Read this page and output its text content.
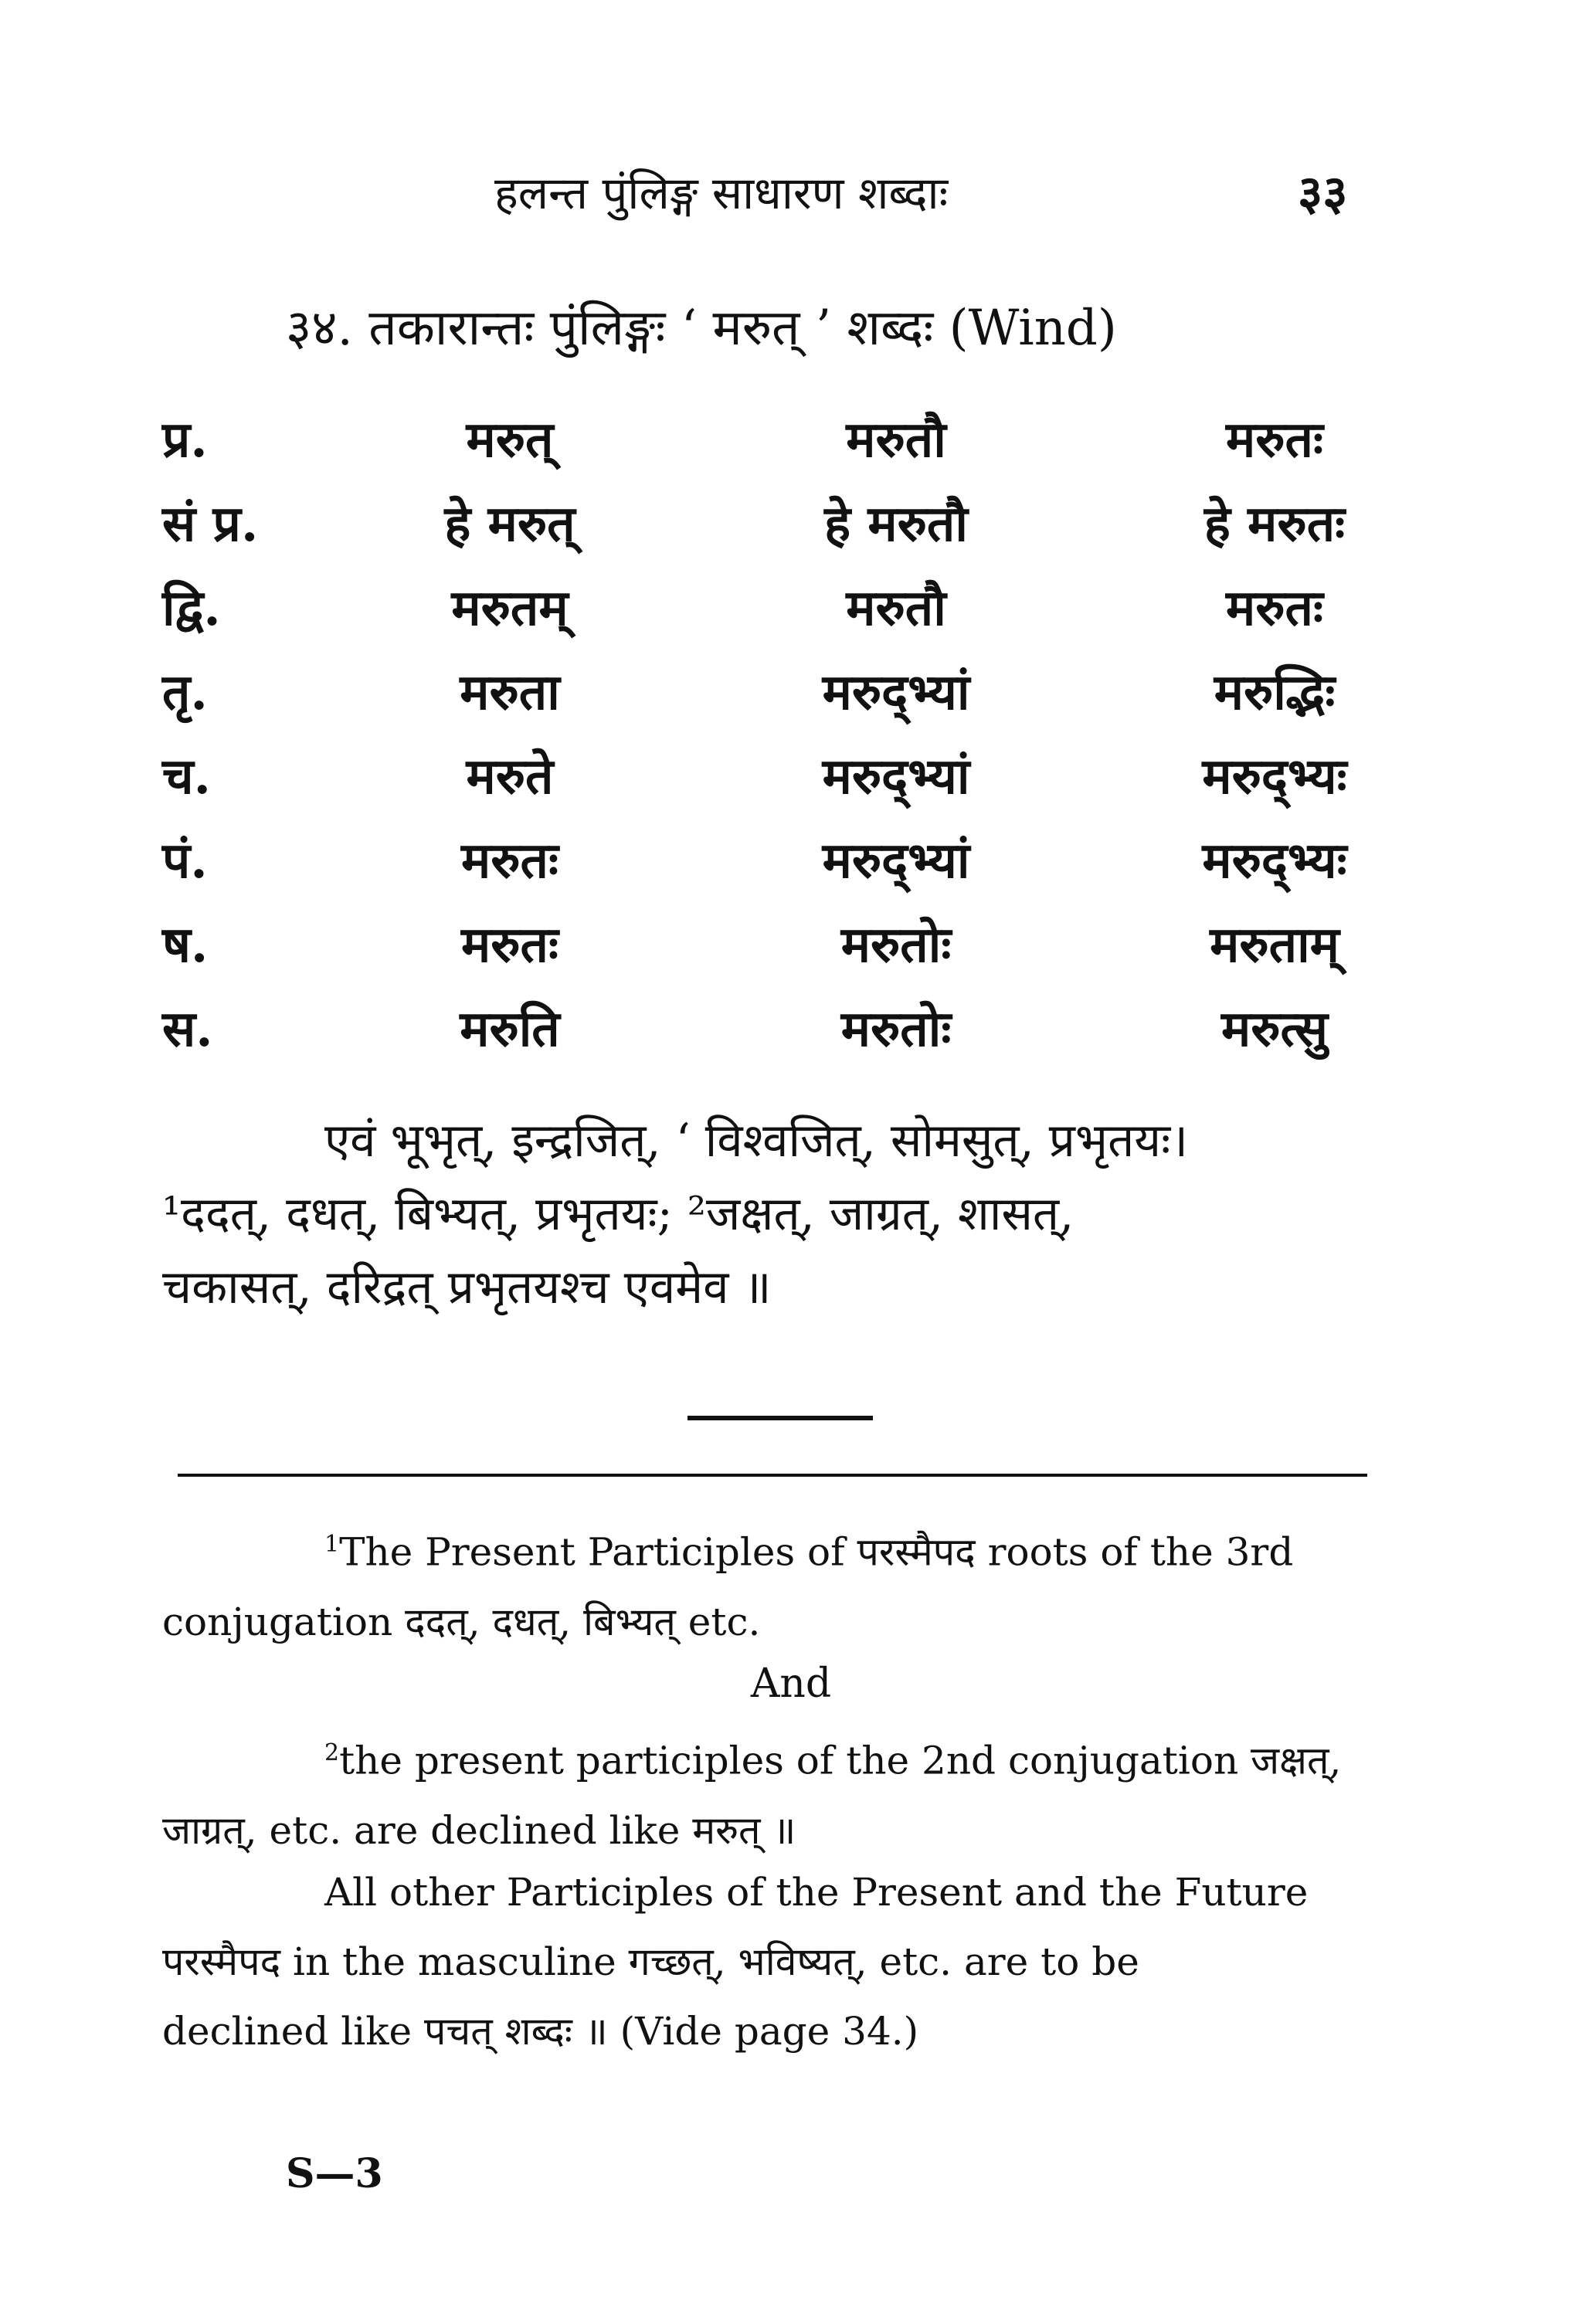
हलन्त पुंलिङ्ग साधारण शब्दाः	३३
३४. तकारान्तः पुंलिङ्गः ‘ मरुत् ’ शब्दः (Wind)
प्र.	मरुत्	मरुतौ	मरुतः
सं प्र.	हे मरुत्	हे मरुतौ	हे मरुतः
द्वि.	मरुतम्	मरुतौ	मरुतः
तृ.	मरुता	मरुद्भ्यां	मरुद्भिः
च.	मरुते	मरुद्भ्यां	मरुद्भ्यः
पं.	मरुतः	मरुद्भ्यां	मरुद्भ्यः
ष.	मरुतः	मरुतोः	मरुताम्
स.	मरुति	मरुतोः	मरुत्सु

एवं भूभृत्, इन्द्रजित्, ‘ विश्वजित्, सोमसुत्, प्रभृतयः।

¹ददत्, दधत्, बिभ्यत्, प्रभृतयः; ²जक्षत्, जाग्रत्, शासत्,

चकासत्, दरिद्रत् प्रभृतयश्च एवमेव ॥

$^1$The Present Participles of परस्मैपद roots of the 3rd

conjugation ददत्, दधत्, बिभ्यत् etc.

And

$^2$the present participles of the 2nd conjugation जक्षत्,

जाग्रत्, etc. are declined like मरुत् ॥

All other Participles of the Present and the Future

परस्मैपद in the masculine गच्छत्, भविष्यत्, etc. are to be

declined like पचत् शब्दः ॥ (Vide page 34.)

S—3
